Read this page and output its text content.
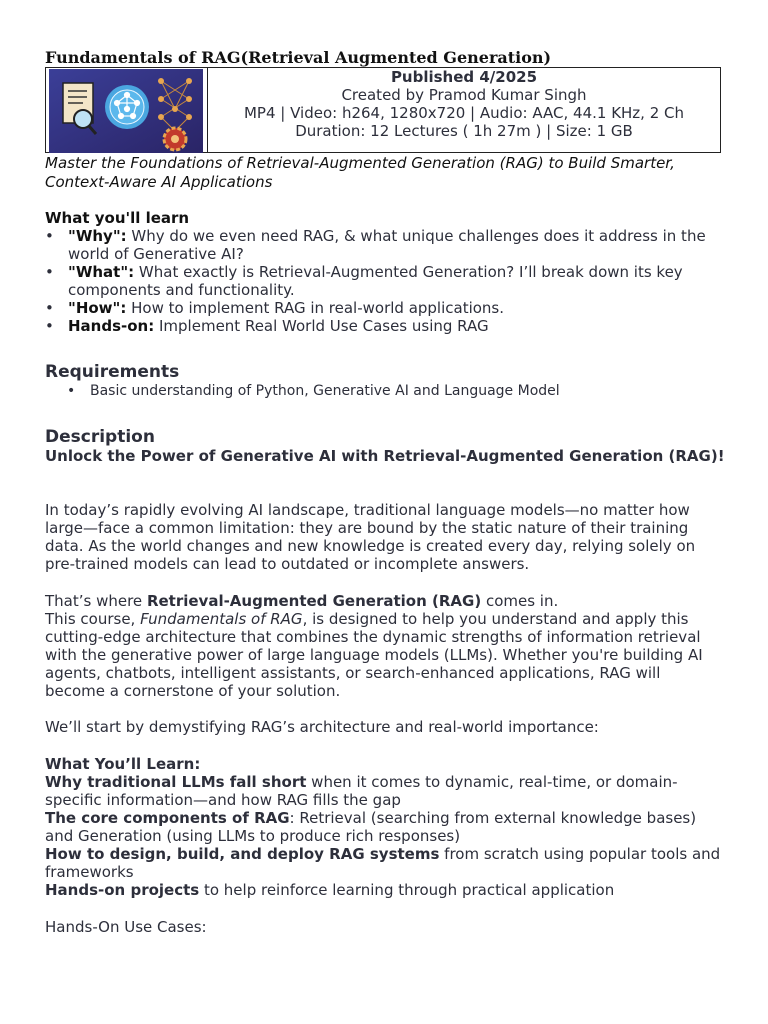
Fundamentals of RAG(Retrieval Augmented Generation)
Published 4/2025
Created by Pramod Kumar Singh
MP4 | Video: h264, 1280x720 | Audio: AAC, 44.1 KHz, 2 Ch
Duration: 12 Lectures ( 1h 27m ) | Size: 1 GB

Master the Foundations of Retrieval-Augmented Generation (RAG) to Build Smarter, Context-Aware AI Applications

What you'll learn
• "Why": Why do we even need RAG, & what unique challenges does it address in the world of Generative AI?
• "What": What exactly is Retrieval-Augmented Generation? I’ll break down its key components and functionality.
• "How": How to implement RAG in real-world applications.
• Hands-on: Implement Real World Use Cases using RAG
Requirements
• Basic understanding of Python, Generative AI and Language Model
Description

Unlock the Power of Generative AI with Retrieval-Augmented Generation (RAG)!

In today’s rapidly evolving AI landscape, traditional language models—no matter how large—face a common limitation: they are bound by the static nature of their training data. As the world changes and new knowledge is created every day, relying solely on pre-trained models can lead to outdated or incomplete answers.

That’s where Retrieval-Augmented Generation (RAG) comes in.

This course, Fundamentals of RAG, is designed to help you understand and apply this cutting-edge architecture that combines the dynamic strengths of information retrieval with the generative power of large language models (LLMs). Whether you're building AI agents, chatbots, intelligent assistants, or search-enhanced applications, RAG will become a cornerstone of your solution.

We’ll start by demystifying RAG’s architecture and real-world importance:

What You’ll Learn:

Why traditional LLMs fall short when it comes to dynamic, real-time, or domain-specific information—and how RAG fills the gap
The core components of RAG: Retrieval (searching from external knowledge bases) and Generation (using LLMs to produce rich responses)
How to design, build, and deploy RAG systems from scratch using popular tools and frameworks
Hands-on projects to help reinforce learning through practical application

Hands-On Use Cases:
